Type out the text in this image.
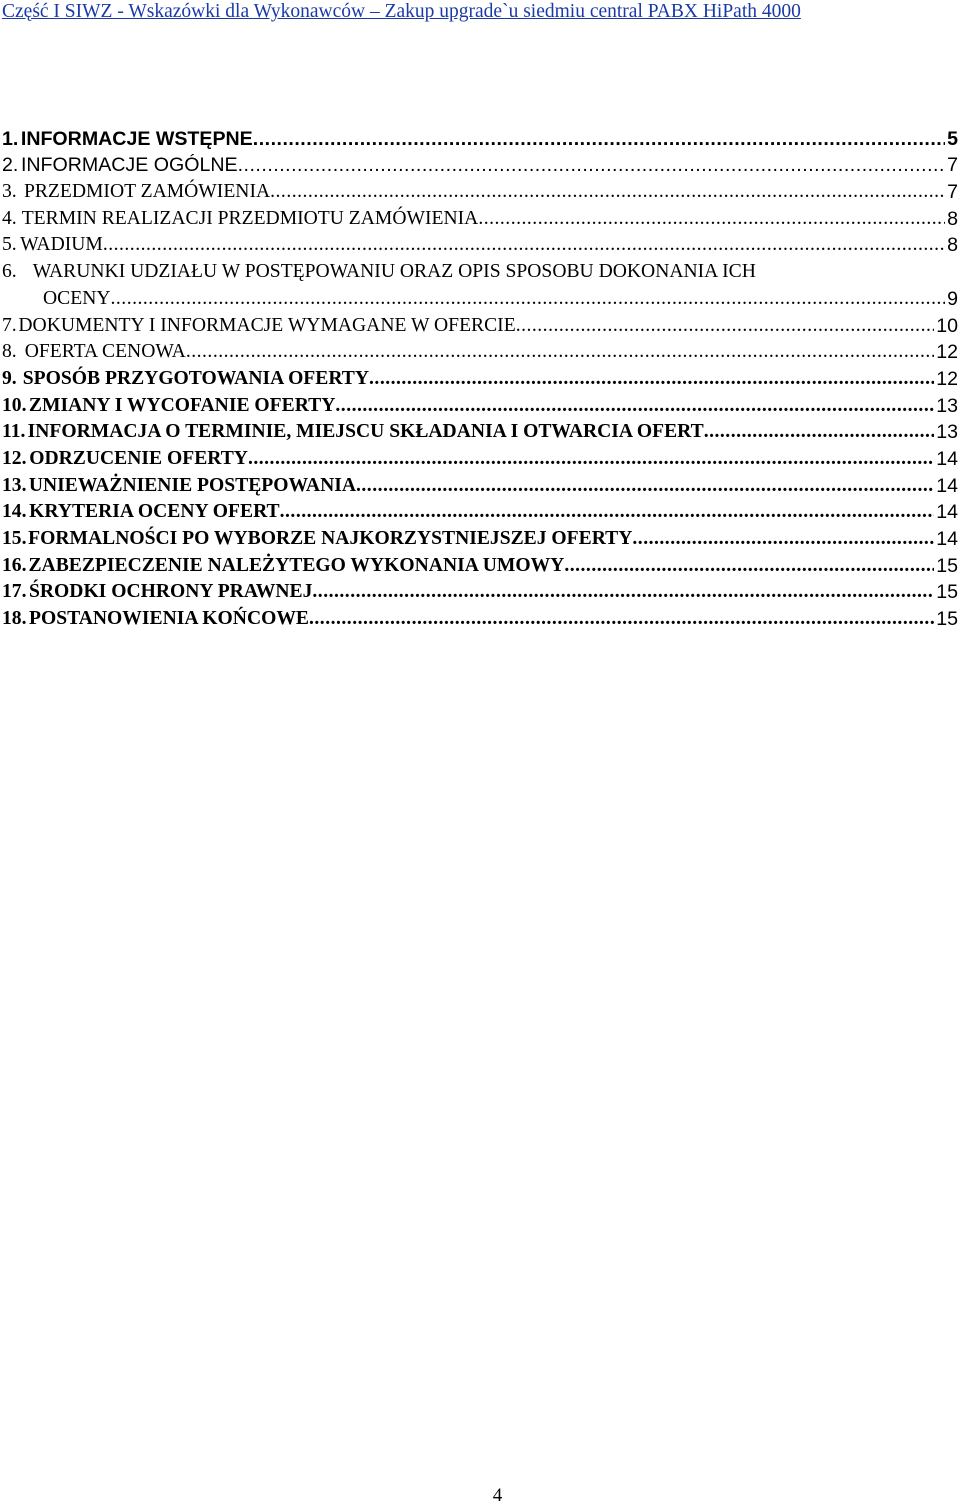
Część I SIWZ - Wskazówki dla Wykonawców – Zakup upgrade`u siedmiu central PABX HiPath 4000
1. INFORMACJE WSTĘPNE .....	5
2. INFORMACJE OGÓLNE .....	7
3. PRZEDMIOT ZAMÓWIENIA .....	7
4. TERMIN REALIZACJI PRZEDMIOTU ZAMÓWIENIA .....	8
5. WADIUM .....	8
6. WARUNKI UDZIAŁU W POSTĘPOWANIU ORAZ OPIS SPOSOBU DOKONANIA ICH
OCENY .....	9
7. DOKUMENTY I INFORMACJE WYMAGANE W OFERCIE .....	10
8. OFERTA CENOWA .....	12
9. SPOSÓB PRZYGOTOWANIA OFERTY .....	12
10. ZMIANY I WYCOFANIE OFERTY .....	13
11. INFORMACJA O TERMINIE, MIEJSCU SKŁADANIA I OTWARCIA OFERT .....	13
12. ODRZUCENIE OFERTY .....	14
13. UNIEWAŻNIENIE POSTĘPOWANIA .....	14
14. KRYTERIA OCENY OFERT .....	14
15. FORMALNOŚCI PO WYBORZE NAJKORZYSTNIEJSZEJ OFERTY .....	14
16. ZABEZPIECZENIE NALEŻYTEGO WYKONANIA UMOWY .....	15
17. ŚRODKI OCHRONY PRAWNEJ .....	15
18. POSTANOWIENIA KOŃCOWE .....	15
4
